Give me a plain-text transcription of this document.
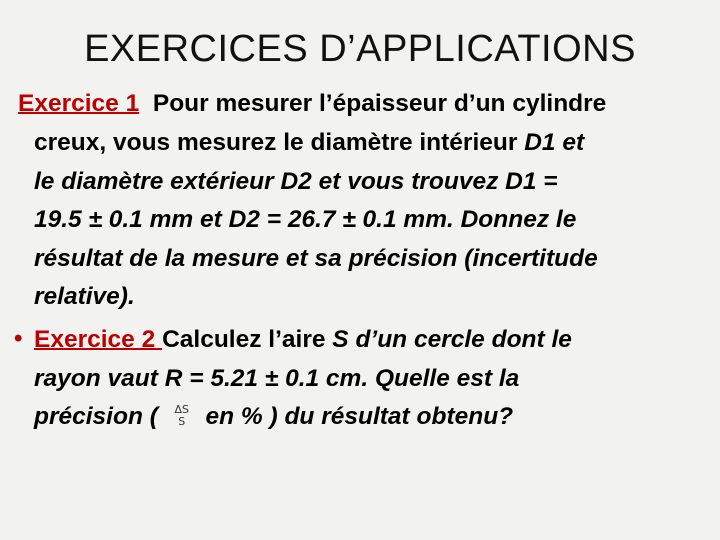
EXERCICES D’APPLICATIONS
Exercice 1 Pour mesurer l’épaisseur d’un cylindre
creux, vous mesurez le diamètre intérieur D1 et
le diamètre extérieur D2 et vous trouvez D1 =
19.5 ± 0.1 mm et D2 = 26.7 ± 0.1 mm. Donnez le
résultat de la mesure et sa précision (incertitude
relative).
• Exercice 2 Calculez l’aire S d’un cercle dont le
rayon vaut R = 5.21 ± 0.1 cm. Quelle est la
précision ( ΔS
S en % ) du résultat obtenu?
